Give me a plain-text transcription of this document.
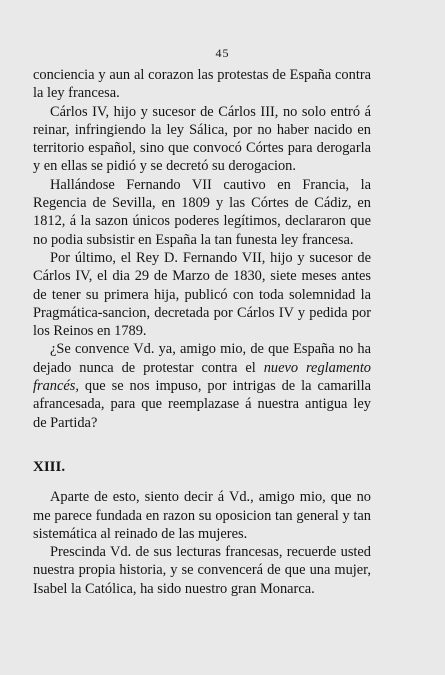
45

conciencia y aun al corazon las protestas de España contra la ley francesa.

Cárlos IV, hijo y sucesor de Cárlos III, no solo entró á reinar, infringiendo la ley Sálica, por no haber nacido en territorio español, sino que convocó Córtes para derogarla y en ellas se pidió y se decretó su derogacion.

Hallándose Fernando VII cautivo en Francia, la Regencia de Sevilla, en 1809 y las Córtes de Cádiz, en 1812, á la sazon únicos poderes legítimos, declararon que no podia subsistir en España la tan funesta ley francesa.

Por último, el Rey D. Fernando VII, hijo y sucesor de Cárlos IV, el dia 29 de Marzo de 1830, siete meses antes de tener su primera hija, publicó con toda solemnidad la Pragmática-sancion, decretada por Cárlos IV y pedida por los Reinos en 1789.

¿Se convence Vd. ya, amigo mio, de que España no ha dejado nunca de protestar contra el nuevo reglamento francés, que se nos impuso, por intrigas de la camarilla afrancesada, para que reemplazase á nuestra antigua ley de Partida?

XIII.

Aparte de esto, siento decir á Vd., amigo mio, que no me parece fundada en razon su oposicion tan general y tan sistemática al reinado de las mujeres.

Prescinda Vd. de sus lecturas francesas, recuerde usted nuestra propia historia, y se convencerá de que una mujer, Isabel la Católica, ha sido nuestro gran Monarca.
